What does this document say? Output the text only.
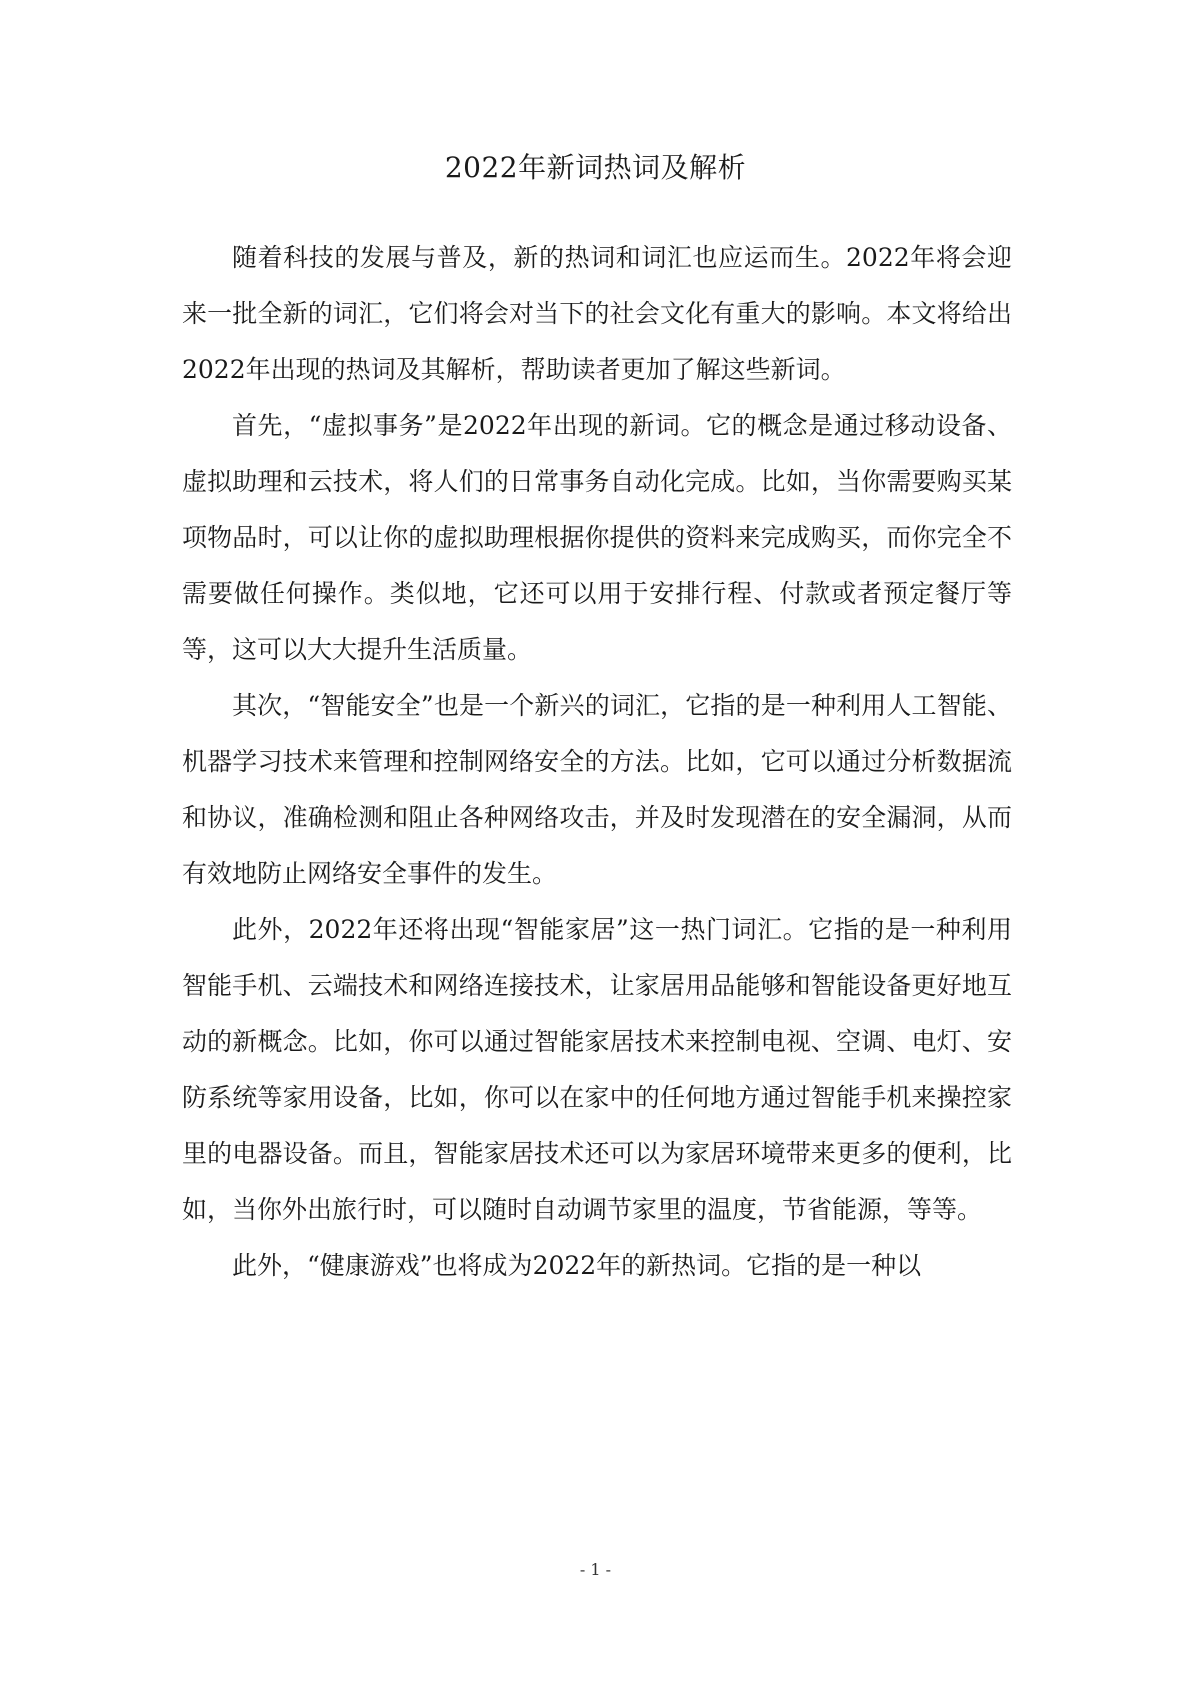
2022年新词热词及解析

随着科技的发展与普及，新的热词和词汇也应运而生。2022年将会迎来一批全新的词汇，它们将会对当下的社会文化有重大的影响。本文将给出2022年出现的热词及其解析，帮助读者更加了解这些新词。

首先，“虚拟事务”是2022年出现的新词。它的概念是通过移动设备、虚拟助理和云技术，将人们的日常事务自动化完成。比如，当你需要购买某项物品时，可以让你的虚拟助理根据你提供的资料来完成购买，而你完全不需要做任何操作。类似地，它还可以用于安排行程、付款或者预定餐厅等等，这可以大大提升生活质量。

其次，“智能安全”也是一个新兴的词汇，它指的是一种利用人工智能、机器学习技术来管理和控制网络安全的方法。比如，它可以通过分析数据流和协议，准确检测和阻止各种网络攻击，并及时发现潜在的安全漏洞，从而有效地防止网络安全事件的发生。

此外，2022年还将出现“智能家居”这一热门词汇。它指的是一种利用智能手机、云端技术和网络连接技术，让家居用品能够和智能设备更好地互动的新概念。比如，你可以通过智能家居技术来控制电视、空调、电灯、安防系统等家用设备，比如，你可以在家中的任何地方通过智能手机来操控家里的电器设备。而且，智能家居技术还可以为家居环境带来更多的便利，比如，当你外出旅行时，可以随时自动调节家里的温度，节省能源，等等。

此外，“健康游戏”也将成为2022年的新热词。它指的是一种以

- 1 -
